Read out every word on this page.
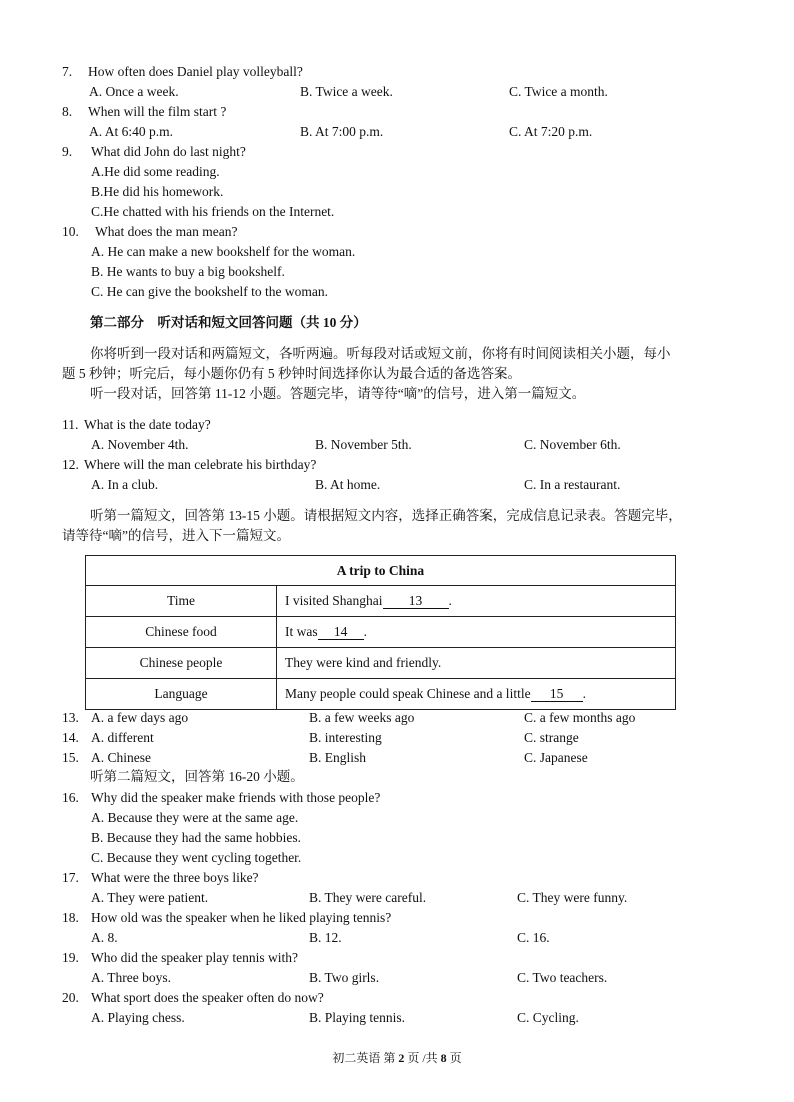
7. How often does Daniel play volleyball?
A. Once a week.	B. Twice a week.	C. Twice a month.
8. When will the film start ?
A. At 6:40 p.m.	B. At 7:00 p.m.	C. At 7:20 p.m.
9. What did John do last night?
A.He did some reading.
B.He did his homework.
C.He chatted with his friends on the Internet.
10. What does the man mean?
A. He can make a new bookshelf for the woman.
B. He wants to buy a big bookshelf.
C. He can give the bookshelf to the woman.
第二部分　听对话和短文回答问题（共 10 分）
你将听到一段对话和两篇短文，各听两遍。听每段对话或短文前，你将有时间阅读相关小题，每小
题 5 秒钟；听完后，每小题你仍有 5 秒钟时间选择你认为最合适的备选答案。
听一段对话，回答第 11-12 小题。答题完毕，请等待“嘀”的信号，进入第一篇短文。
11. What is the date today?
A. November 4th.	B. November 5th.	C. November 6th.
12. Where will the man celebrate his birthday?
A. In a club.	B. At home.	C. In a restaurant.
听第一篇短文，回答第 13-15 小题。请根据短文内容，选择正确答案，完成信息记录表。答题完毕，
请等待“嘀”的信号，进入下一篇短文。
A trip to China	
Time	I visited Shanghai 13 .
Chinese food	It was 14 .
Chinese people	They were kind and friendly.
Language	Many people could speak Chinese and a little 15 .
13. A. a few days ago	B. a few weeks ago	C. a few months ago
14. A. different	B. interesting	C. strange
15. A. Chinese	B. English	C. Japanese
听第二篇短文，回答第 16-20 小题。
16. Why did the speaker make friends with those people?
A. Because they were at the same age.
B. Because they had the same hobbies.
C. Because they went cycling together.
17. What were the three boys like?
A. They were patient.	B. They were careful.	C. They were funny.
18. How old was the speaker when he liked playing tennis?
A. 8.	B. 12.	C. 16.
19. Who did the speaker play tennis with?
A. Three boys.	B. Two girls.	C. Two teachers.
20. What sport does the speaker often do now?
A. Playing chess.	B. Playing tennis.	C. Cycling.
初二英语 第 2 页 /共 8 页
